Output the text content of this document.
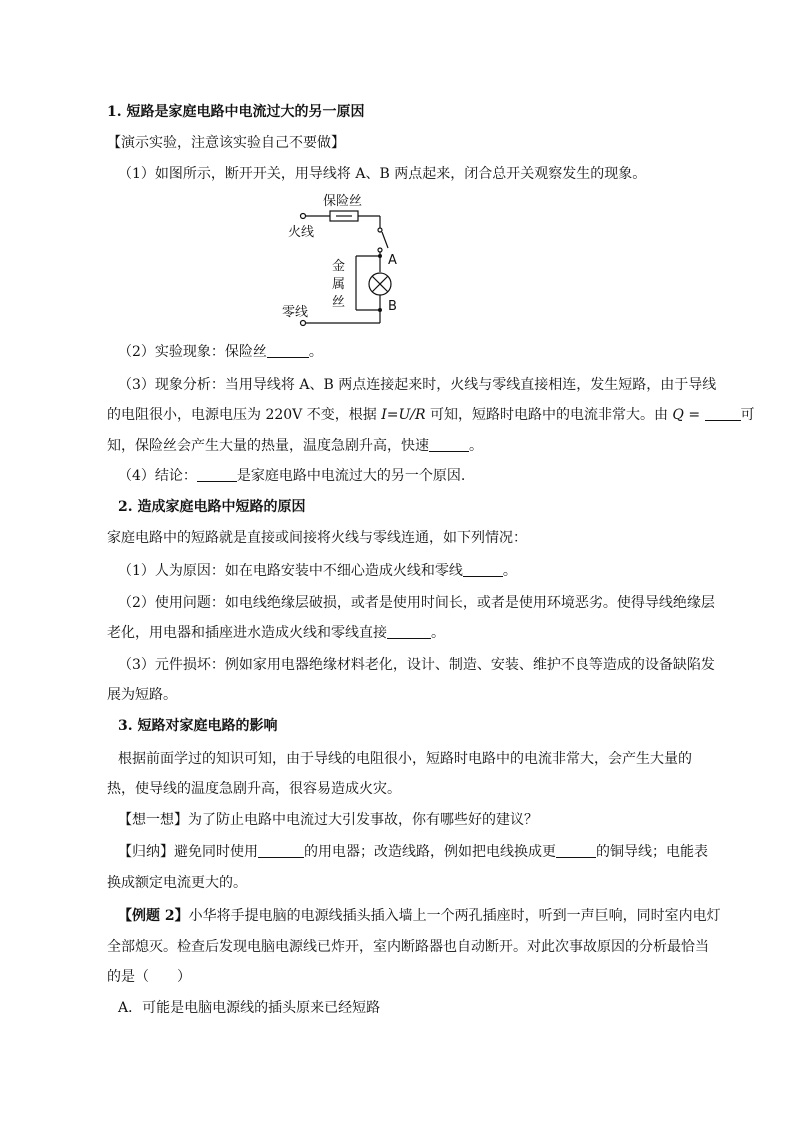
1. 短路是家庭电路中电流过大的另一原因
【演示实验，注意该实验自己不要做】
（1）如图所示，断开开关，用导线将 A、B 两点起来，闭合总开关观察发生的现象。
保险丝
火线
零线
金
属
丝
A
B
（2）实验现象：保险丝	。
（3）现象分析：当用导线将 A、B 两点连接起来时，火线与零线直接相连，发生短路，由于导线
的电阻很小，电源电压为 220V 不变，根据 I=U/R 可知，短路时电路中的电流非常大。由 Q =	可
知，保险丝会产生大量的热量，温度急剧升高，快速	。
（4）结论：	是家庭电路中电流过大的另一个原因.
2. 造成家庭电路中短路的原因
家庭电路中的短路就是直接或间接将火线与零线连通，如下列情况：
（1）人为原因：如在电路安装中不细心造成火线和零线	。
（2）使用问题：如电线绝缘层破损，或者是使用时间长，或者是使用环境恶劣。使得导线绝缘层
老化，用电器和插座进水造成火线和零线直接	。
（3）元件损坏：例如家用电器绝缘材料老化，设计、制造、安装、维护不良等造成的设备缺陷发
展为短路。
3. 短路对家庭电路的影响
根据前面学过的知识可知，由于导线的电阻很小，短路时电路中的电流非常大，会产生大量的
热，使导线的温度急剧升高，很容易造成火灾。
【想一想】为了防止电路中电流过大引发事故，你有哪些好的建议？
【归纳】避免同时使用	的用电器；改造线路，例如把电线换成更	的铜导线；电能表
换成额定电流更大的。
【例题 2】小华将手提电脑的电源线插头插入墙上一个两孔插座时，听到一声巨响，同时室内电灯
全部熄灭。检查后发现电脑电源线已炸开，室内断路器也自动断开。对此次事故原因的分析最恰当
的是（　　）
A．可能是电脑电源线的插头原来已经短路
